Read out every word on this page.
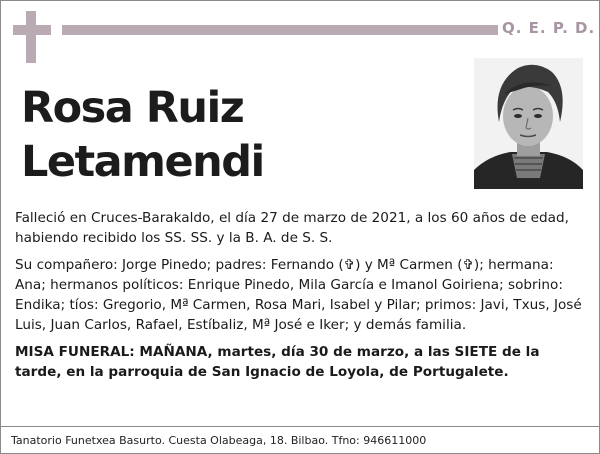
Q. E. P. D.
Rosa Ruiz
Letamendi

Falleció en Cruces-Barakaldo, el día 27 de marzo de 2021, a los 60 años de edad, habiendo recibido los SS. SS. y la B. A. de S. S.

Su compañero: Jorge Pinedo; padres: Fernando (✞) y Mª Carmen (✞); hermana: Ana; hermanos políticos: Enrique Pinedo, Mila García e Imanol Goiriena; sobrino: Endika; tíos: Gregorio, Mª Carmen, Rosa Mari, Isabel y Pilar; primos: Javi, Txus, José Luis, Juan Carlos, Rafael, Estíbaliz, Mª José e Iker; y demás familia.

MISA FUNERAL: MAÑANA, martes, día 30 de marzo, a las SIETE de la tarde, en la parroquia de San Ignacio de Loyola, de Portugalete.

Tanatorio Funetxea Basurto. Cuesta Olabeaga, 18. Bilbao. Tfno: 946611000
